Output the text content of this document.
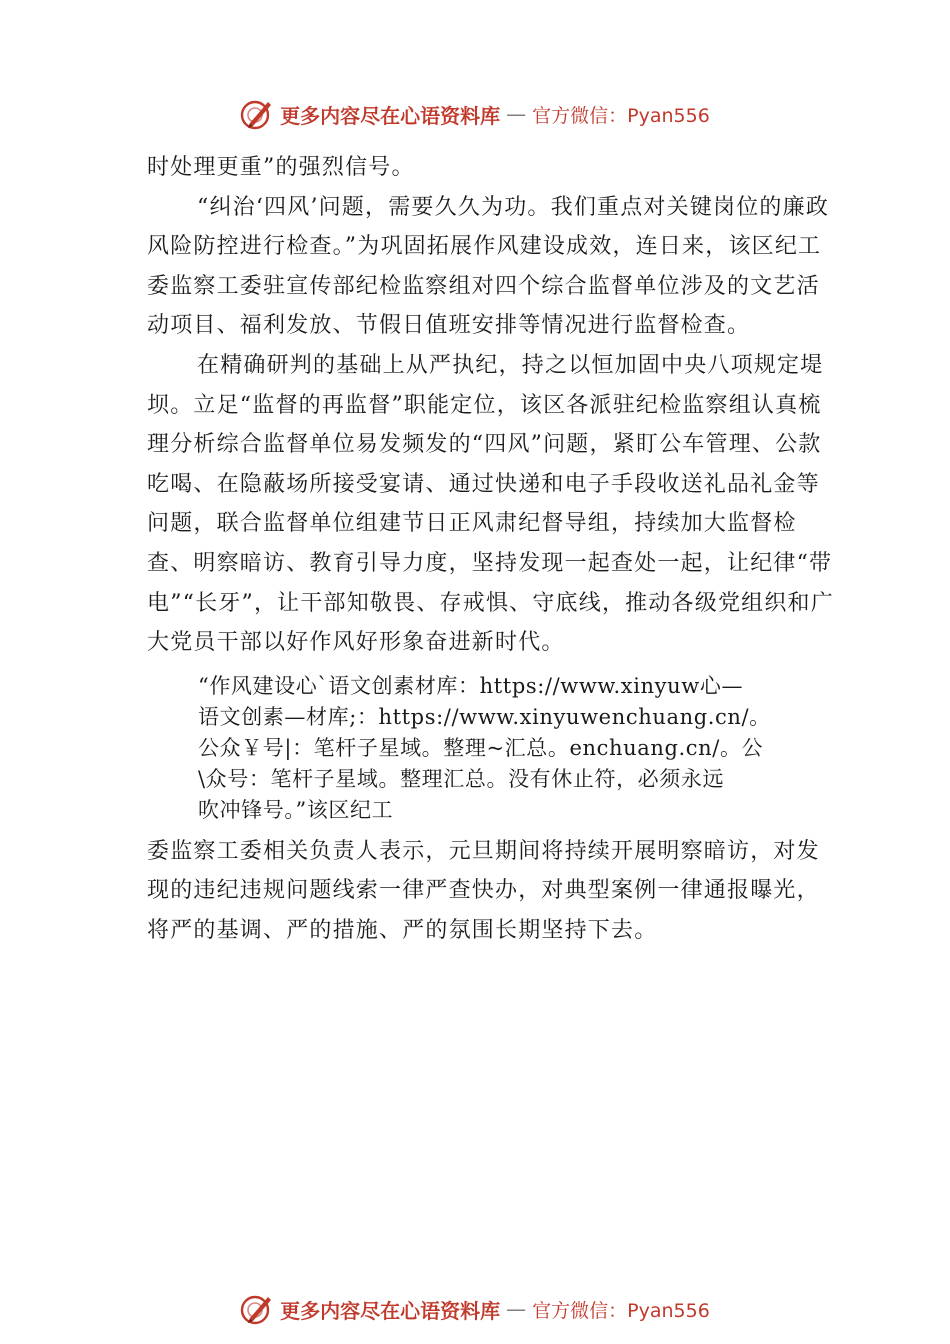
更多内容尽在心语资料库 — 官方微信：Pyan556

时处理更重”的强烈信号。

“纠治‘四风’问题，需要久久为功。我们重点对关键岗位的廉政风险防控进行检查。”为巩固拓展作风建设成效，连日来，该区纪工委监察工委驻宣传部纪检监察组对四个综合监督单位涉及的文艺活动项目、福利发放、节假日值班安排等情况进行监督检查。

在精确研判的基础上从严执纪，持之以恒加固中央八项规定堤坝。立足“监督的再监督”职能定位，该区各派驻纪检监察组认真梳理分析综合监督单位易发频发的“四风”问题，紧盯公车管理、公款吃喝、在隐蔽场所接受宴请、通过快递和电子手段收送礼品礼金等问题，联合监督单位组建节日正风肃纪督导组，持续加大监督检查、明察暗访、教育引导力度，坚持发现一起查处一起，让纪律“带电”“长牙”，让干部知敬畏、存戒惧、守底线，推动各级党组织和广大党员干部以好作风好形象奋进新时代。

“作风建设心`语文创素材库：https://www.xinyuw心—
语文创素—材库;：https://www.xinyuwenchuang.cn/。
公众￥号|：笔杆子星域。整理~汇总。enchuang.cn/。公
\众号：笔杆子星域。整理汇总。没有休止符，必须永远
吹冲锋号。”该区纪工

委监察工委相关负责人表示，元旦期间将持续开展明察暗访，对发现的违纪违规问题线索一律严查快办，对典型案例一律通报曝光，将严的基调、严的措施、严的氛围长期坚持下去。

更多内容尽在心语资料库 — 官方微信：Pyan556
